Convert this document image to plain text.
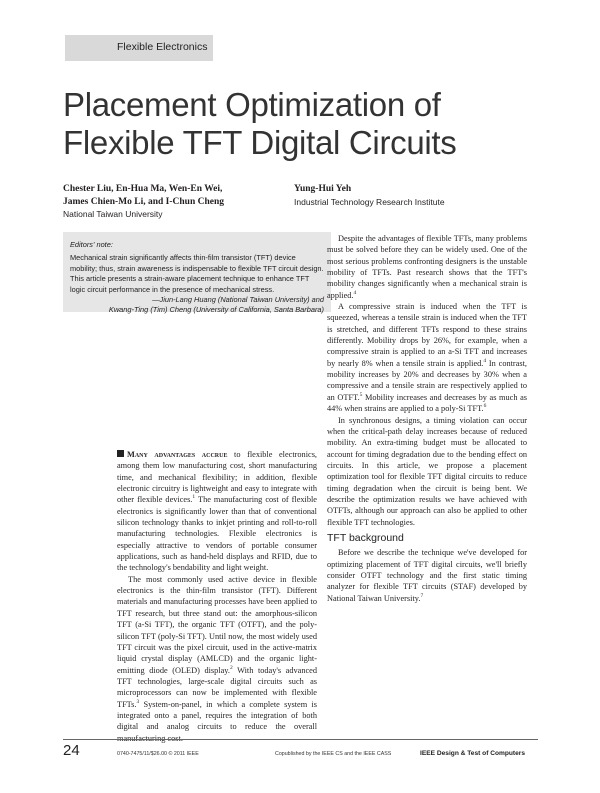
Flexible Electronics
Placement Optimization of
Flexible TFT Digital Circuits
Chester Liu, En-Hua Ma, Wen-En Wei,
James Chien-Mo Li, and I-Chun Cheng
National Taiwan University
Yung-Hui Yeh
Industrial Technology Research Institute
Editors' note:
Mechanical strain significantly affects thin-film transistor (TFT) device mobility; thus, strain awareness is indispensable to flexible TFT circuit design. This article presents a strain-aware placement technique to enhance TFT logic circuit performance in the presence of mechanical stress.
—Jiun-Lang Huang (National Taiwan University) and
Kwang-Ting (Tim) Cheng (University of California, Santa Barbara)

Many advantages accrue to flexible electronics, among them low manufacturing cost, short manufacturing time, and mechanical flexibility; in addition, flexible electronic circuitry is lightweight and easy to integrate with other flexible devices.$^1$ The manufacturing cost of flexible electronics is significantly lower than that of conventional silicon technology thanks to inkjet printing and roll-to-roll manufacturing technologies. Flexible electronics is especially attractive to vendors of portable consumer applications, such as hand-held displays and RFID, due to the technology's bendability and light weight.

The most commonly used active device in flexible electronics is the thin-film transistor (TFT). Different materials and manufacturing processes have been applied to TFT research, but three stand out: the amorphous-silicon TFT (a-Si TFT), the organic TFT (OTFT), and the poly-silicon TFT (poly-Si TFT). Until now, the most widely used TFT circuit was the pixel circuit, used in the active-matrix liquid crystal display (AMLCD) and the organic light-emitting diode (OLED) display.$^2$ With today's advanced TFT technologies, large-scale digital circuits such as microprocessors can now be implemented with flexible TFTs.$^3$ System-on-panel, in which a complete system is integrated onto a panel, requires the integration of both digital and analog circuits to reduce the overall manufacturing cost.

Despite the advantages of flexible TFTs, many problems must be solved before they can be widely used. One of the most serious problems confronting designers is the unstable mobility of TFTs. Past research shows that the TFT's mobility changes significantly when a mechanical strain is applied.$^4$

A compressive strain is induced when the TFT is squeezed, whereas a tensile strain is induced when the TFT is stretched, and different TFTs respond to these strains differently. Mobility drops by 26%, for example, when a compressive strain is applied to an a-Si TFT and increases by nearly 8% when a tensile strain is applied.$^4$ In contrast, mobility increases by 20% and decreases by 30% when a compressive and a tensile strain are respectively applied to an OTFT.$^5$ Mobility increases and decreases by as much as 44% when strains are applied to a poly-Si TFT.$^6$

In synchronous designs, a timing violation can occur when the critical-path delay increases because of reduced mobility. An extra-timing budget must be allocated to account for timing degradation due to the bending effect on circuits. In this article, we propose a placement optimization tool for flexible TFT digital circuits to reduce timing degradation when the circuit is being bent. We describe the optimization results we have achieved with OTFTs, although our approach can also be applied to other flexible TFT technologies.

TFT background

Before we describe the technique we've developed for optimizing placement of TFT digital circuits, we'll briefly consider OTFT technology and the first static timing analyzer for flexible TFT circuits (STAF) developed by National Taiwan University.$^7$

24	0740-7475/11/$26.00 © 2011 IEEE	Copublished by the IEEE CS and the IEEE CASS	IEEE Design & Test of Computers
